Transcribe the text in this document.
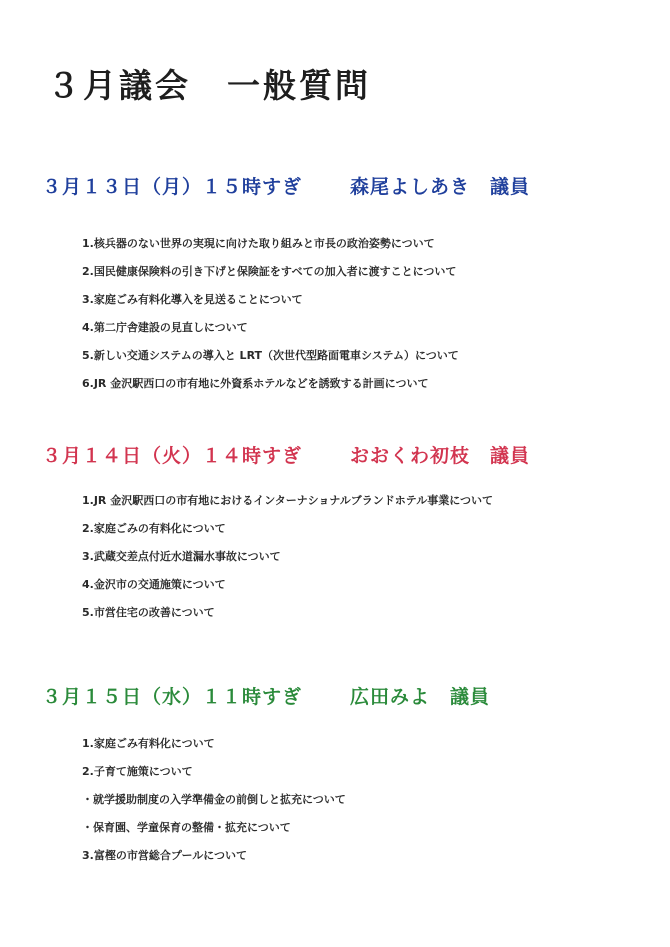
３月議会　一般質問
３月１３日（月）１５時すぎ	森尾よしあき　議員
1.核兵器のない世界の実現に向けた取り組みと市長の政治姿勢について
2.国民健康保険料の引き下げと保険証をすべての加入者に渡すことについて
3.家庭ごみ有料化導入を見送ることについて
4.第二庁舎建設の見直しについて
5.新しい交通システムの導入と LRT（次世代型路面電車システム）について
6.JR 金沢駅西口の市有地に外資系ホテルなどを誘致する計画について
３月１４日（火）１４時すぎ	おおくわ初枝　議員
1.JR 金沢駅西口の市有地におけるインターナショナルブランドホテル事業について
2.家庭ごみの有料化について
3.武蔵交差点付近水道漏水事故について
4.金沢市の交通施策について
5.市営住宅の改善について
３月１５日（水）１１時すぎ	広田みよ　議員
1.家庭ごみ有料化について
2.子育て施策について
・就学援助制度の入学準備金の前倒しと拡充について
・保育園、学童保育の整備・拡充について
3.富樫の市営総合プールについて
